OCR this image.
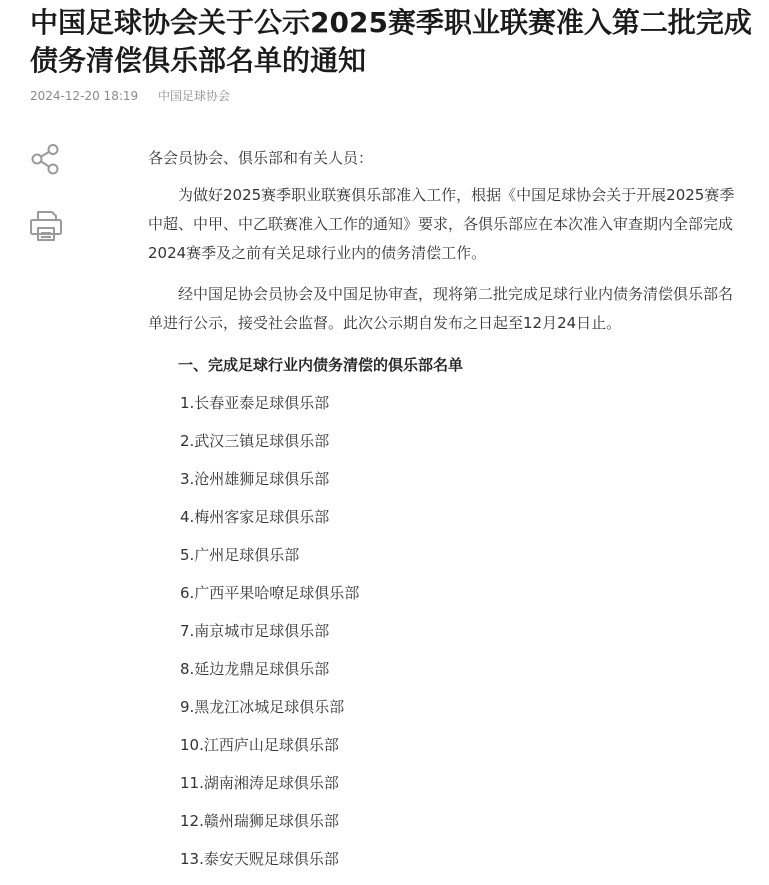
中国足球协会关于公示2025赛季职业联赛准入第二批完成债务清偿俱乐部名单的通知
2024-12-20 18:19 中国足球协会

各会员协会、俱乐部和有关人员：

为做好2025赛季职业联赛俱乐部准入工作，根据《中国足球协会关于开展2025赛季中超、中甲、中乙联赛准入工作的通知》要求，各俱乐部应在本次准入审查期内全部完成2024赛季及之前有关足球行业内的债务清偿工作。

经中国足协会员协会及中国足协审查，现将第二批完成足球行业内债务清偿俱乐部名单进行公示，接受社会监督。此次公示期自发布之日起至12月24日止。

一、完成足球行业内债务清偿的俱乐部名单

1.长春亚泰足球俱乐部
2.武汉三镇足球俱乐部
3.沧州雄狮足球俱乐部
4.梅州客家足球俱乐部
5.广州足球俱乐部
6.广西平果哈嘹足球俱乐部
7.南京城市足球俱乐部
8.延边龙鼎足球俱乐部
9.黑龙江冰城足球俱乐部
10.江西庐山足球俱乐部
11.湖南湘涛足球俱乐部
12.赣州瑞狮足球俱乐部
13.泰安天贶足球俱乐部
